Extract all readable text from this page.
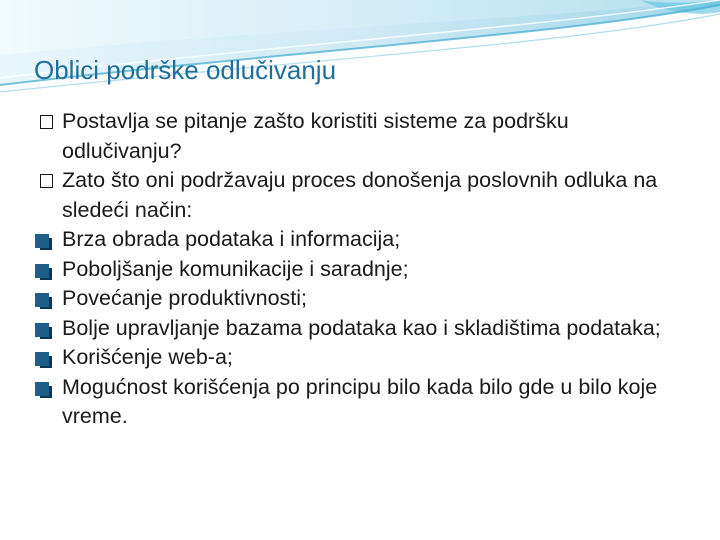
Oblici podrške odlučivanju
Postavlja se pitanje zašto koristiti sisteme za podršku odlučivanju?
Zato što oni podržavaju proces donošenja poslovnih odluka na sledeći način:
Brza obrada podataka i informacija;
Poboljšanje komunikacije i saradnje;
Povećanje produktivnosti;
Bolje upravljanje bazama podataka kao i skladištima podataka;
Korišćenje web-a;
Mogućnost korišćenja po principu bilo kada bilo gde u bilo koje vreme.
